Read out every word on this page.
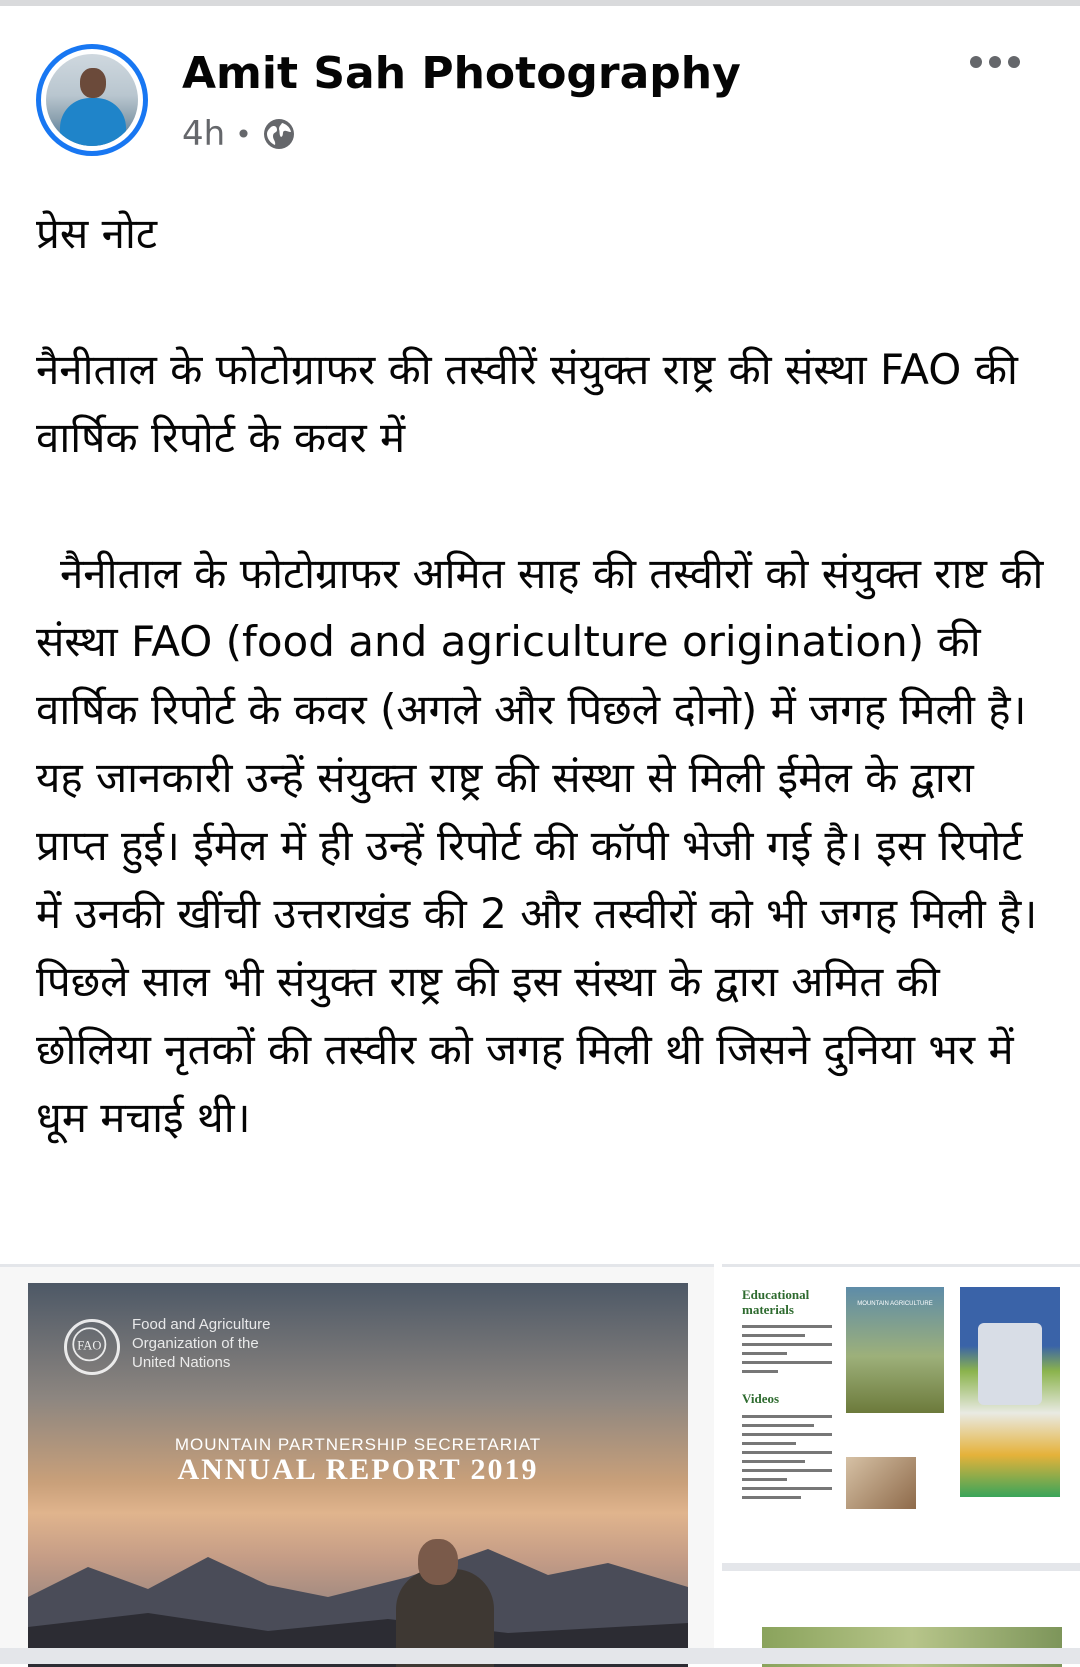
Amit Sah Photography
4h •

प्रेस नोट

नैनीताल के फोटोग्राफर की तस्वीरें संयुक्त राष्ट्र की संस्था FAO की वार्षिक रिपोर्ट के कवर में

नैनीताल के फोटोग्राफर अमित साह की तस्वीरों को संयुक्त राष्ट की संस्था FAO (food and agriculture origination) की वार्षिक रिपोर्ट के कवर (अगले और पिछले दोनो) में जगह मिली है। यह जानकारी उन्हें संयुक्त राष्ट्र की संस्था से मिली ईमेल के द्वारा प्राप्त हुई। ईमेल में ही उन्हें रिपोर्ट की कॉपी भेजी गई है। इस रिपोर्ट में उनकी खींची उत्तराखंड की 2 और तस्वीरों को भी जगह मिली है। पिछले साल भी संयुक्त राष्ट्र की इस संस्था के द्वारा अमित की छोलिया नृतकों की तस्वीर को जगह मिली थी जिसने दुनिया भर में धूम मचाई थी।

FAO
Food and Agriculture
Organization of the
United Nations
MOUNTAIN PARTNERSHIP SECRETARIAT
ANNUAL REPORT 2019
Educational materials
Videos
MOUNTAIN AGRICULTURE
